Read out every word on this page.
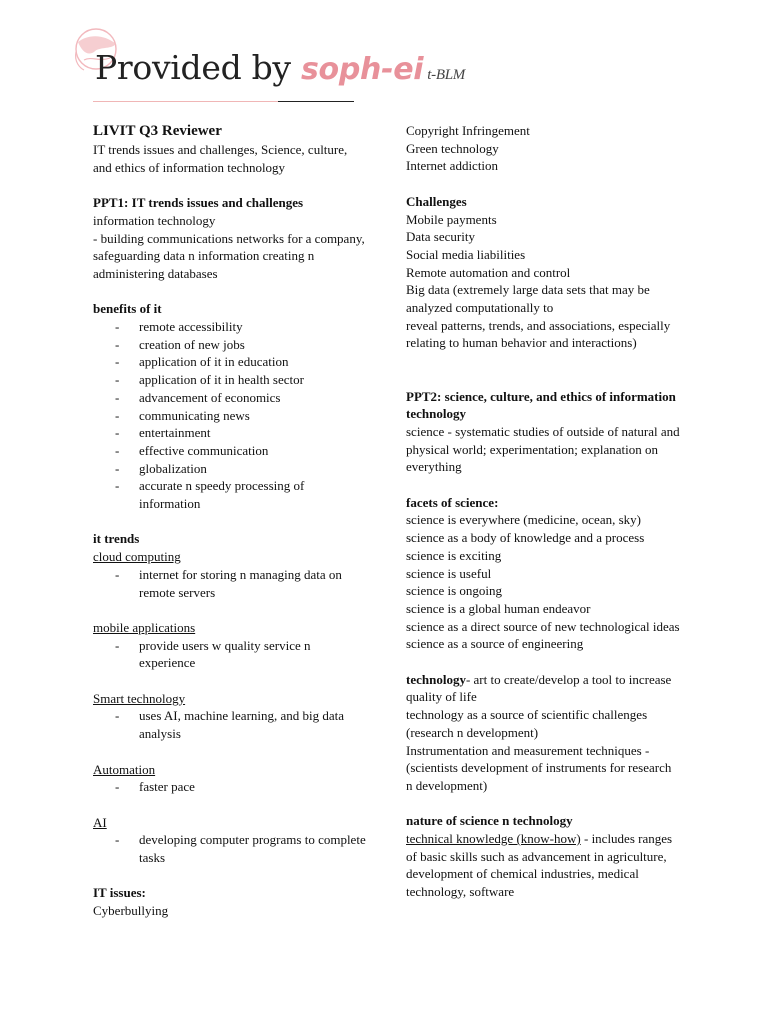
Provided by soph-ei t-BLM

LIVIT Q3 Reviewer

IT trends issues and challenges, Science, culture, and ethics of information technology

PPT1: IT trends issues and challenges

information technology

- building communications networks for a company, safeguarding data n information creating n administering databases

benefits of it

- remote accessibility
- creation of new jobs
- application of it in education
- application of it in health sector
- advancement of economics
- communicating news
- entertainment
- effective communication
- globalization
- accurate n speedy processing of information

it trends

cloud computing

- internet for storing n managing data on remote servers

mobile applications

- provide users w quality service n experience

Smart technology

- uses AI, machine learning, and big data analysis

Automation

- faster pace

AI

- developing computer programs to complete tasks

IT issues:

Cyberbullying

Copyright Infringement

Green technology

Internet addiction

Challenges

Mobile payments

Data security

Social media liabilities

Remote automation and control

Big data (extremely large data sets that may be analyzed computationally to

reveal patterns, trends, and associations, especially relating to human behavior and interactions)

PPT2: science, culture, and ethics of information technology

science - systematic studies of outside of natural and physical world; experimentation; explanation on everything

facets of science:

science is everywhere (medicine, ocean, sky)

science as a body of knowledge and a process

science is exciting

science is useful

science is ongoing

science is a global human endeavor

science as a direct source of new technological ideas

science as a source of engineering

technology- art to create/develop a tool to increase quality of life

technology as a source of scientific challenges (research n development)

Instrumentation and measurement techniques - (scientists development of instruments for research n development)

nature of science n technology

technical knowledge (know-how) - includes ranges of basic skills such as advancement in agriculture, development of chemical industries, medical technology, software
